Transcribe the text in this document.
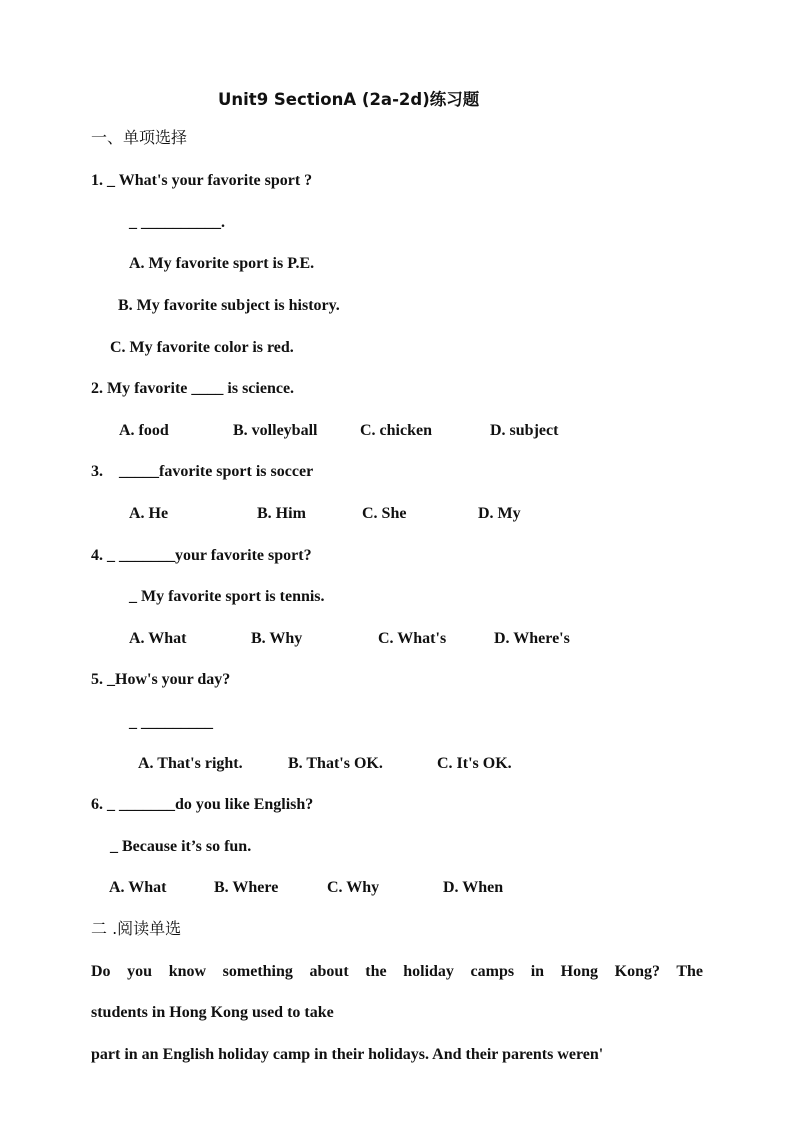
Unit9 SectionA (2a-2d)练习题
一、单项选择
1. _ What's your favorite sport ?
_ __________.
A. My favorite sport is P.E.
B. My favorite subject is history.
C. My favorite color is red.
2. My favorite ____ is science.
A. food	B. volleyball	C. chicken	D. subject
3.    _____favorite sport is soccer
A. He	B. Him	C. She	D. My
4. _ _______your favorite sport?
_ My favorite sport is tennis.
A. What	B. Why	C. What's	D. Where's
5. _How's your day?
_ _________
A. That's right.	B. That's OK.	C. It's OK.
6. _ _______do you like English?
_ Because it’s so fun.
A. What	B. Where	C. Why	D. When
二 .阅读单选
Do you know something about the holiday camps in Hong Kong? The
students in Hong Kong used to take
part in an English holiday camp in their holidays. And their parents weren'
